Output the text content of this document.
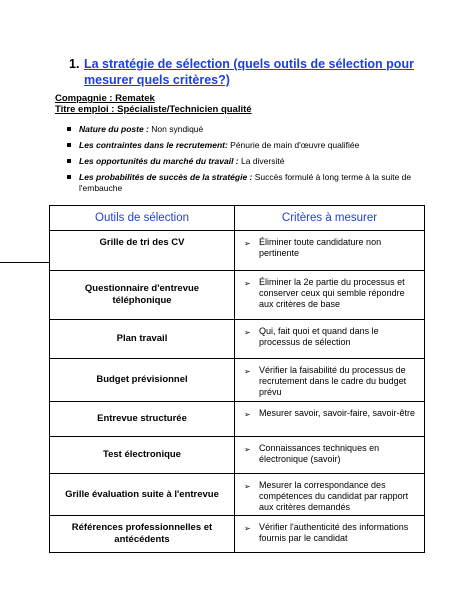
1. La stratégie de sélection (quels outils de sélection pour mesurer quels critères?)
Compagnie : Rematek
Titre emploi : Spécialiste/Technicien qualité
Nature du poste : Non syndiqué
Les contraintes dans le recrutement: Pénurie de main d'œuvre qualifiée
Les opportunités du marché du travail : La diversité
Les probabilités de succès de la stratégie : Succès formulé à long terme à la suite de l'embauche
Outils de sélection	Critères à mesurer
Grille de tri des CV	➢ Éliminer toute candidature non pertinente
Questionnaire d'entrevue téléphonique	➢ Éliminer la 2e partie du processus et conserver ceux qui semble répondre aux critères de base
Plan travail	➢ Qui, fait quoi et quand dans le processus de sélection
Budget prévisionnel	➢ Vérifier la faisabilité du processus de recrutement dans le cadre du budget prévu
Entrevue structurée	➢ Mesurer savoir, savoir-faire, savoir-être
Test électronique	➢ Connaissances techniques en électronique (savoir)
Grille évaluation suite à l'entrevue	➢ Mesurer la correspondance des compétences du candidat par rapport aux critères demandés
Références professionnelles et antécédents	➢ Vérifier l'authenticité des informations fournis par le candidat
